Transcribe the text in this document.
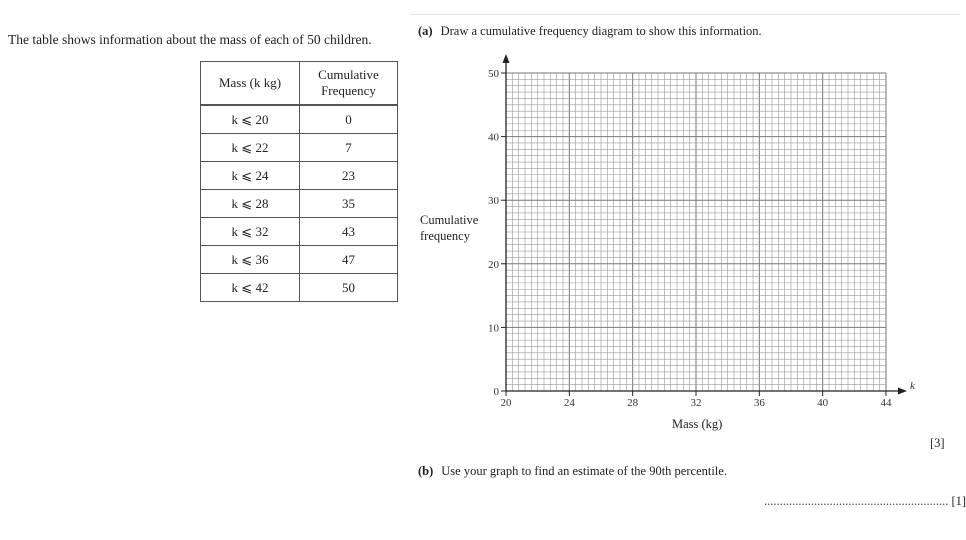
The table shows information about the mass of each of 50 children.
Mass (k kg)	Cumulative
Frequency
k ⩽ 20	0
k ⩽ 22	7
k ⩽ 24	23
k ⩽ 28	35
k ⩽ 32	43
k ⩽ 36	47
k ⩽ 42	50
(a) Draw a cumulative frequency diagram to show this information.
Cumulative
frequency
k
0
10
20
30
40
50
20	24	28	32	36	40	44
Mass (kg)
[3]
(b) Use your graph to find an estimate of the 90th percentile.
........................................................... [1]
